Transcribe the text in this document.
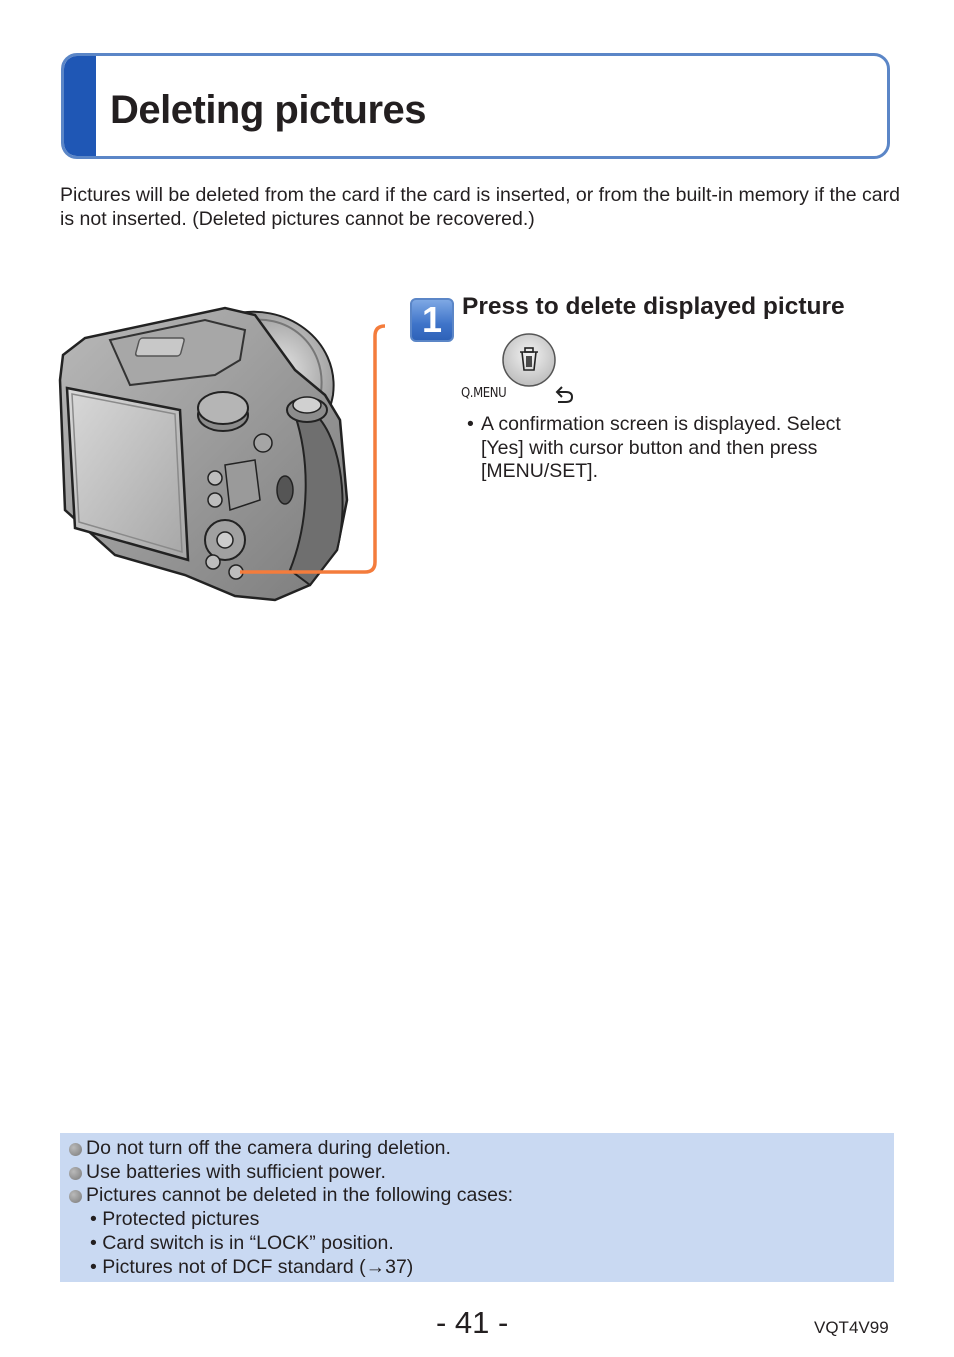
Deleting pictures
Pictures will be deleted from the card if the card is inserted, or from the built-in memory if the card is not inserted. (Deleted pictures cannot be recovered.)
1 Press to delete displayed picture
Q.MENU
• A confirmation screen is displayed. Select [Yes] with cursor button and then press [MENU/SET].
Do not turn off the camera during deletion.
Use batteries with sufficient power.
Pictures cannot be deleted in the following cases:
• Protected pictures
• Card switch is in “LOCK” position.
• Pictures not of DCF standard (→37)
- 41 -	VQT4V99
